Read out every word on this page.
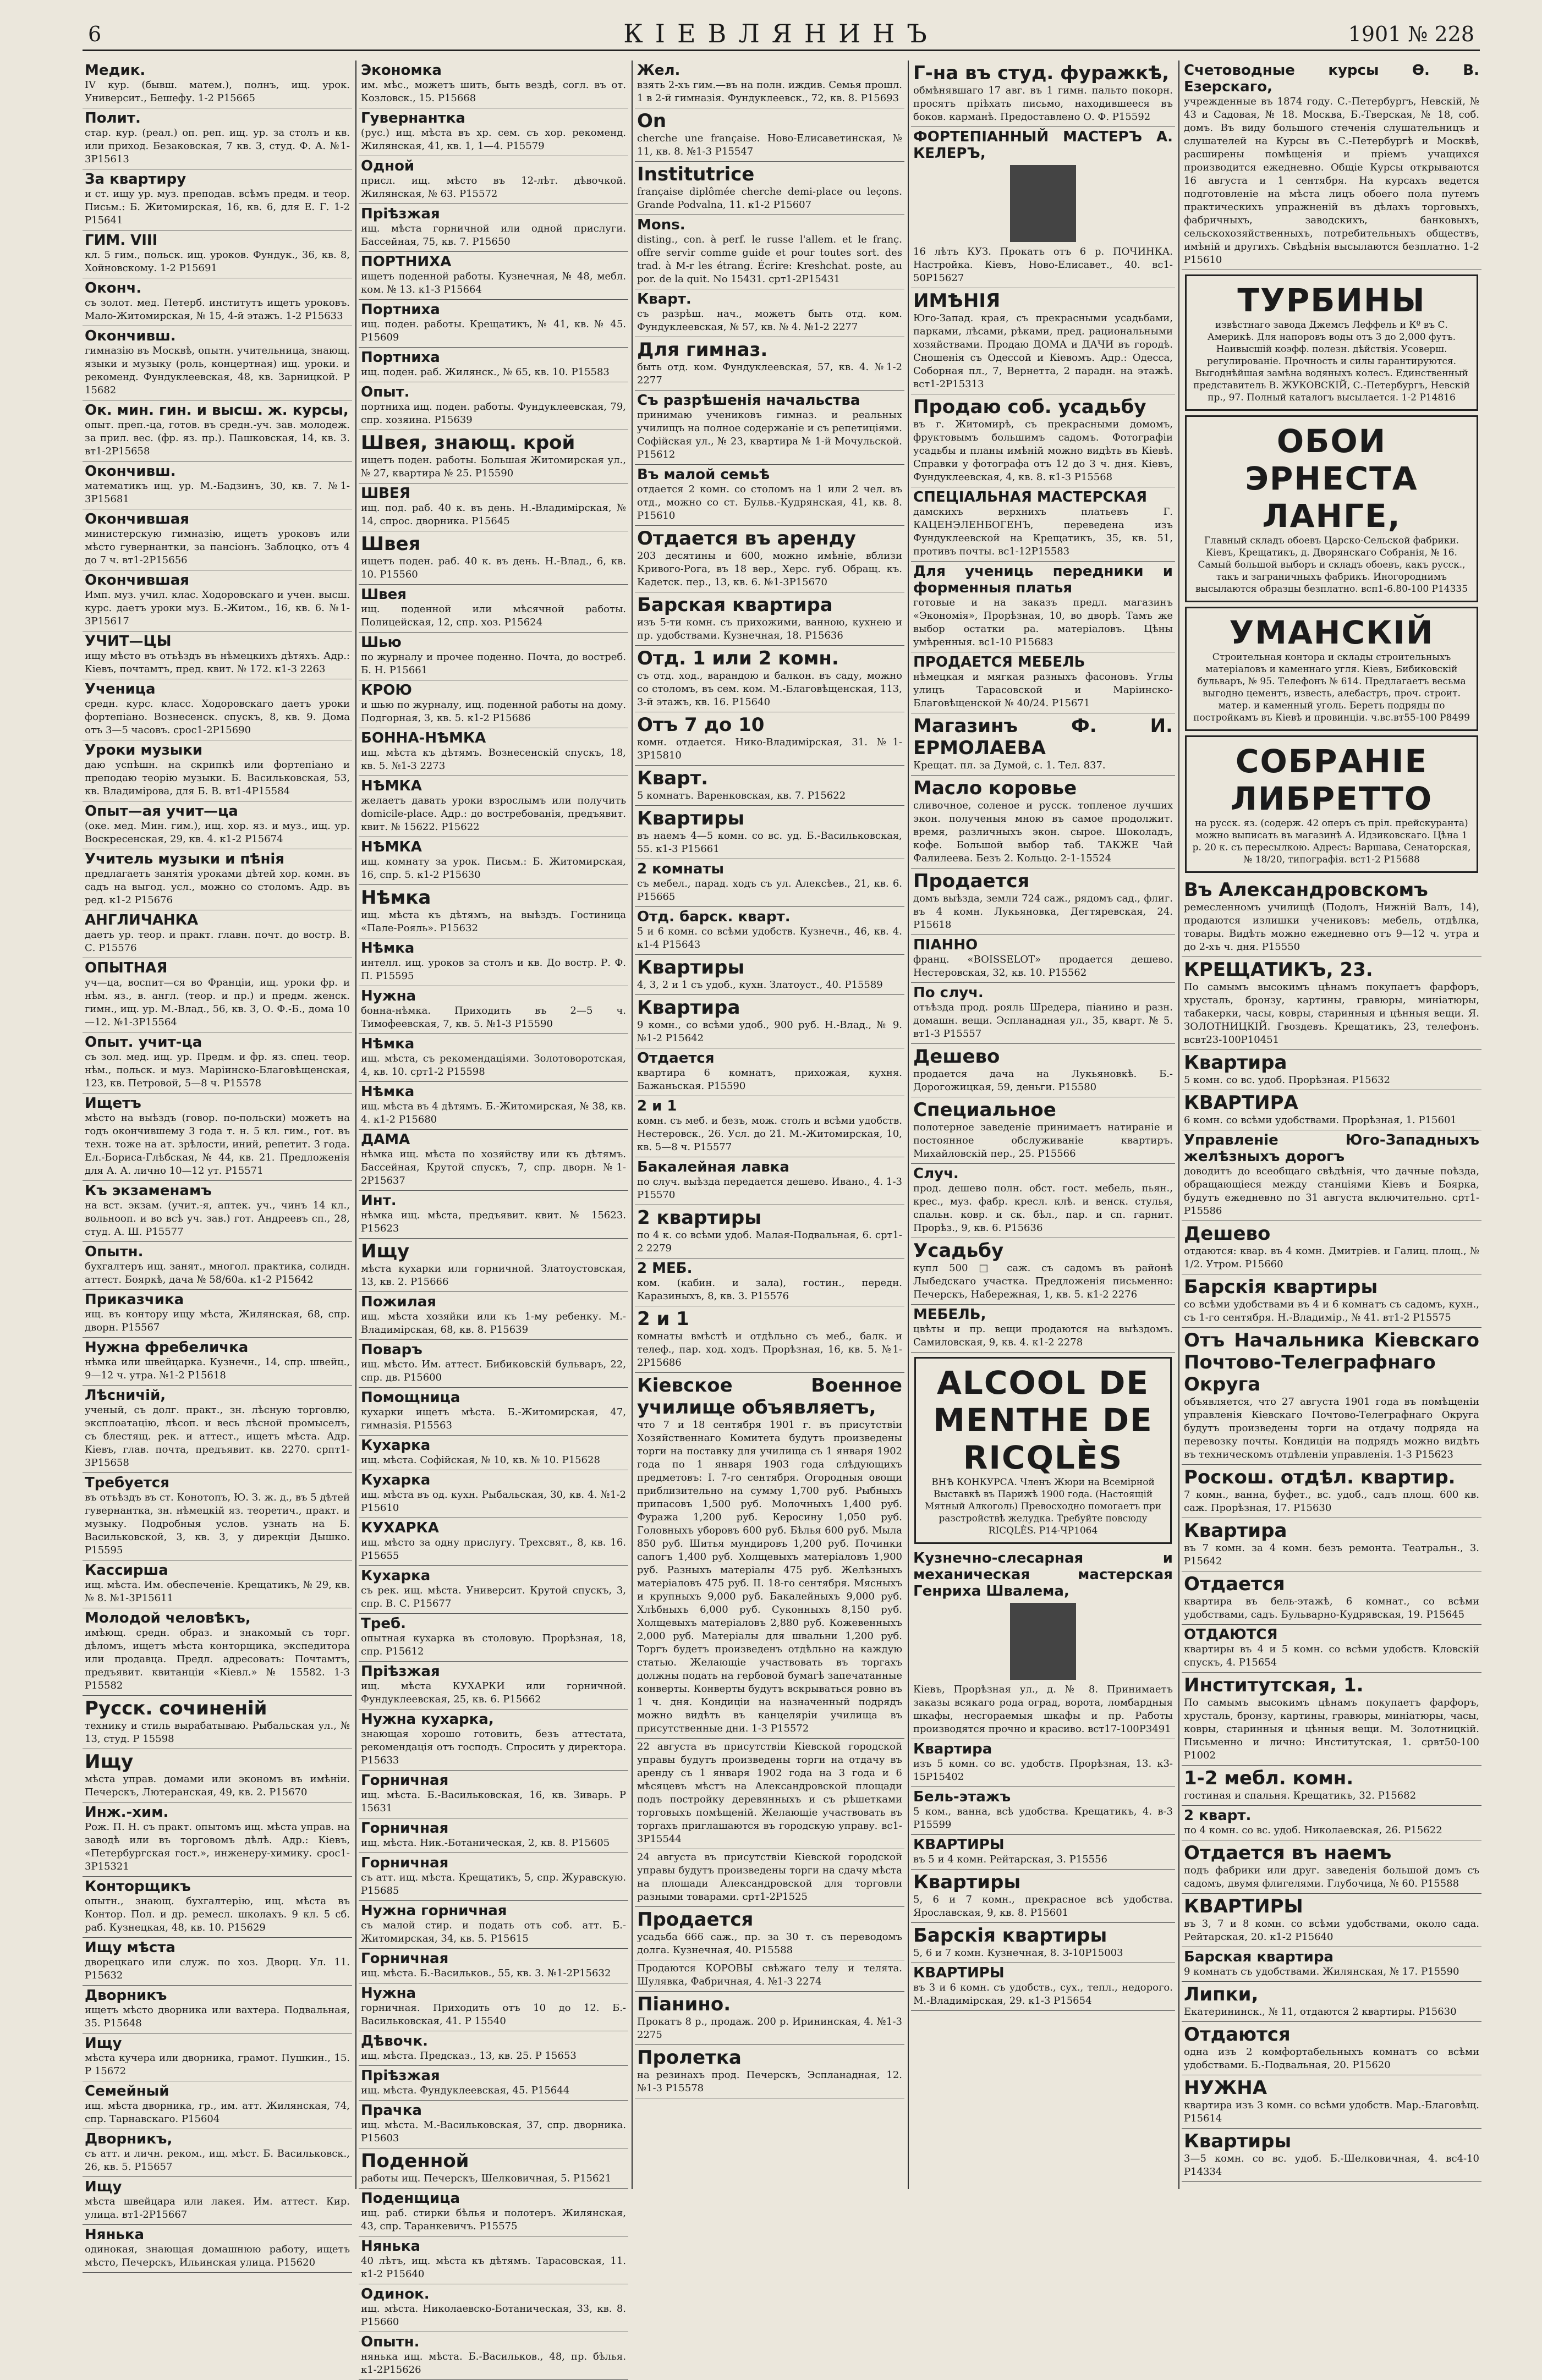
6	КІЕВЛЯНИНЪ	1901 № 228
Медик.
IV кур. (бывш. матем.), полнъ, ищ. урок. Университ., Бешефу. 1-2 Р15665
Полит.
стар. кур. (реал.) оп. реп. ищ. ур. за столъ и кв. или приход. Безаковская, 7 кв. 3, студ. Ф. А. №1-3Р15613
За квартиру
и ст. ищу ур. муз. преподав. всѣмъ предм. и теор. Письм.: Б. Житомирская, 16, кв. 6, для Е. Г. 1-2 Р15641
ГИМ. VIII
кл. 5 гим., польск. ищ. уроков. Фундук., 36, кв. 8, Хойновскому. 1-2 Р15691
Оконч.
съ золот. мед. Петерб. институтъ ищетъ уроковъ. Мало-Житомирская, № 15, 4-й этажъ. 1-2 Р15633
Окончивш.
гимназію въ Москвѣ, опытн. учительница, знающ. языки и музыку (роль, концертная) ищ. уроки. и рекоменд. Фундуклеевская, 48, кв. Зарницкой. Р 15682
Ок. мин. гин. и высш. ж. курсы,
опыт. преп.-ца, готов. въ средн.-уч. зав. молодеж. за прил. вес. (фр. яз. пр.). Пашковская, 14, кв. 3. вт1-2Р15658
Окончивш.
математикъ ищ. ур. М.-Бадзинъ, 30, кв. 7. №1-3Р15681
Окончившая
министерскую гимназію, ищетъ уроковъ или мѣсто гувернантки, за пансіонъ. Заблоцко, отъ 4 до 7 ч. вт1-2Р15656
Окончившая
Имп. муз. учил. клас. Ходоровскаго и учен. высш. курс. даетъ уроки муз. Б.-Житом., 16, кв. 6. №1-3Р15617
УЧИТ—ЦЫ
ищу мѣсто въ отъѣздъ въ нѣмецкихъ дѣтяхъ. Адр.: Кіевъ, почтамтъ, пред. квит. № 172. к1-3 2263
Ученица
средн. курс. класс. Ходоровскаго даетъ уроки фортепіано. Вознесенск. спускъ, 8, кв. 9. Дома отъ 3—5 часовъ. срос1-2Р15690
Уроки музыки
даю успѣшн. на скрипкѣ или фортепіано и преподаю теорію музыки. Б. Васильковская, 53, кв. Владимірова, для Б. В. вт1-4Р15584
Опыт—ая учит—ца
(оке. мед. Мин. гим.), ищ. хор. яз. и муз., ищ. ур. Воскресенская, 29, кв. 4. к1-2 Р15674
Учитель музыки и пѣнія
предлагаетъ занятія уроками дѣтей хор. комн. въ садъ на выгод. усл., можно со столомъ. Адр. въ ред. к1-2 Р15676
АНГЛИЧАНКА
даетъ ур. теор. и практ. главн. почт. до востр. В. С. Р15576
ОПЫТНАЯ
уч—ца, воспит—ся во Франціи, ищ. уроки фр. и нѣм. яз., в. англ. (теор. и пр.) и предм. женск. гимн., ищ. ур. М.-Влад., 56, кв. 3, О. Ф.-Б., дома 10—12. №1-3Р15564
Опыт. учит-ца
съ зол. мед. ищ. ур. Предм. и фр. яз. спец. теор. нѣм., польск. и муз. Маріинско-Благовѣщенская, 123, кв. Петровой, 5—8 ч. Р15578
Ищетъ
мѣсто на выѣздъ (говор. по-польски) можетъ на годъ окончившему 3 года т. н. 5 кл. гим., гот. въ техн. тоже на ат. зрѣлости, иний, репетит. 3 года. Ел.-Бориса-Глѣбская, № 44, кв. 21. Предложенія для А. А. лично 10—12 ут. Р15571
Къ экзаменамъ
на вст. экзам. (учит.-я, аптек. уч., чинъ 14 кл., вольнооп. и во всѣ уч. зав.) гот. Андреевъ сп., 28, студ. А. Ш. Р15577
Опытн.
бухгалтеръ ищ. занят., многол. практика, солидн. аттест. Бояркѣ, дача № 58/60а. к1-2 Р15642
Приказчика
ищ. въ контору ищу мѣста, Жилянская, 68, спр. дворн. Р15567
Нужна фребеличка
нѣмка или швейцарка. Кузнечн., 14, спр. швейц., 9—12 ч. утра. №1-2 Р15618
Лѣсничій,
ученый, съ долг. практ., зн. лѣсную торговлю, эксплоатацію, лѣсоп. и весь лѣсной промыселъ, съ блестящ. рек. и аттест., ищетъ мѣста. Адр. Кіевъ, глав. почта, предъявит. кв. 2270. српт1-3Р15658
Требуется
въ отъѣздъ въ ст. Конотопъ, Ю. З. ж. д., въ 5 дѣтей гувернантка, зн. нѣмецкій яз. теоретич., практ. и музыку. Подробныя услов. узнать на Б. Васильковской, 3, кв. 3, у дирекціи Дышко. Р15595
Кассирша
ищ. мѣста. Им. обеспеченіе. Крещатикъ, № 29, кв. № 8. №1-3Р15611
Молодой человѣкъ,
имѣющ. средн. образ. и знакомый съ торг. дѣломъ, ищетъ мѣста конторщика, экспедитора или продавца. Предл. адресовать: Почтамтъ, предъявит. квитанціи «Кіевл.» № 15582. 1-3 Р15582
Русск. сочиненій
технику и стиль вырабатываю. Рыбальская ул., № 13, студ. Р 15598
Ищу
мѣста управ. домами или экономъ въ имѣніи. Печерскъ, Лютеранская, 49, кв. 2. Р15670
Инж.-хим.
Рож. П. Н. съ практ. опытомъ ищ. мѣста управ. на заводѣ или въ торговомъ дѣлѣ. Адр.: Кіевъ, «Петербургская гост.», инженеру-химику. срос1-3Р15321
Конторщикъ
опытн., знающ. бухгалтерію, ищ. мѣста въ Контор. Пол. и др. ремесл. школахъ. 9 кл. 5 сб. раб. Кузнецкая, 48, кв. 10. Р15629
Ищу мѣста
дворецкаго или служ. по хоз. Дворц. Ул. 11. Р15632
Дворникъ
ищетъ мѣсто дворника или вахтера. Подвальная, 35. Р15648
Ищу
мѣста кучера или дворника, грамот. Пушкин., 15. Р 15672
Семейный
ищ. мѣста дворника, гр., им. атт. Жилянская, 74, спр. Тарнавскаго. Р15604
Дворникъ,
съ атт. и личн. реком., ищ. мѣст. Б. Васильковск., 26, кв. 5. Р15657
Ищу
мѣста швейцара или лакея. Им. аттест. Кир. улица. вт1-2Р15667
Нянька
одинокая, знающая домашнюю работу, ищетъ мѣсто, Печерскъ, Ильинская улица. Р15620
Экономка
им. мѣс., можетъ шить, быть вездѣ, согл. въ от. Козловск., 15. Р15668
Гувернантка
(рус.) ищ. мѣста въ хр. сем. съ хор. рекоменд. Жилянская, 41, кв. 1, 1—4. Р15579
Одной
присл. ищ. мѣсто въ 12-лѣт. дѣвочкой. Жилянская, № 63. Р15572
Прiѣзжая
ищ. мѣста горничной или одной прислуги. Бассейная, 75, кв. 7. Р15650
ПОРТНИХА
ищетъ поденной работы. Кузнечная, № 48, мебл. ком. № 13. к1-3 Р15664
Портниха
ищ. поден. работы. Крещатикъ, № 41, кв. № 45. Р15609
Портниха
ищ. поден. раб. Жилянск., № 65, кв. 10. Р15583
Опыт.
портниха ищ. поден. работы. Фундуклеевская, 79, спр. хозяина. Р15639
Швея, знающ. крой
ищетъ поден. работы. Большая Житомирская ул., № 27, квартира № 25. Р15590
ШВЕЯ
ищ. под. раб. 40 к. въ день. Н.-Владимірская, № 14, спрос. дворника. Р15645
Швея
ищетъ поден. раб. 40 к. въ день. Н.-Влад., 6, кв. 10. Р15560
Швея
ищ. поденной или мѣсячной работы. Полицейская, 12, спр. хоз. Р15624
Шью
по журналу и прочее поденно. Почта, до востреб. Б. Н. Р15661
КРОЮ
и шью по журналу, ищ. поденной работы на дому. Подгорная, 3, кв. 5. к1-2 Р15686
БОННА-НѢМКА
ищ. мѣста къ дѣтямъ. Вознесенскій спускъ, 18, кв. 5. №1-3 2273
НѢМКА
желаетъ давать уроки взрослымъ или получить domicile-place. Адр.: до востребованія, предъявит. квит. № 15622. Р15622
НѢМКА
ищ. комнату за урок. Письм.: Б. Житомирская, 16, спр. 5. к1-2 Р15630
Нѣмка
ищ. мѣста къ дѣтямъ, на выѣздъ. Гостиница «Пале-Рояль». Р15632
Нѣмка
интелл. ищ. уроков за столъ и кв. До востр. Р. Ф. П. Р15595
Нужна
бонна-нѣмка. Приходить въ 2—5 ч. Тимофеевская, 7, кв. 5. №1-3 Р15590
Нѣмка
ищ. мѣста, съ рекомендаціями. Золотоворотская, 4, кв. 10. срт1-2 Р15598
Нѣмка
ищ. мѣста въ 4 дѣтямъ. Б.-Житомирская, № 38, кв. 4. к1-2 Р15680
ДАМА
нѣмка ищ. мѣста по хозяйству или къ дѣтямъ. Бассейная, Крутой спускъ, 7, спр. дворн. №1-2Р15637
Инт.
нѣмка ищ. мѣста, предъявит. квит. № 15623. Р15623
Ищу
мѣста кухарки или горничной. Златоустовская, 13, кв. 2. Р15666
Пожилая
ищ. мѣста хозяйки или къ 1-му ребенку. М.-Владимірская, 68, кв. 8. Р15639
Поваръ
ищ. мѣсто. Им. аттест. Бибиковскій бульваръ, 22, спр. дв. Р15600
Помощница
кухарки ищетъ мѣста. Б.-Житомирская, 47, гимназія. Р15563
Кухарка
ищ. мѣста. Софійская, № 10, кв. № 10. Р15628
Кухарка
ищ. мѣста въ од. кухн. Рыбальская, 30, кв. 4. №1-2 Р15610
КУХАРКА
ищ. мѣсто за одну прислугу. Трехсвят., 8, кв. 16. Р15655
Кухарка
съ рек. ищ. мѣста. Университ. Крутой спускъ, 3, спр. В. С. Р15677
Треб.
опытная кухарка въ столовую. Прорѣзная, 18, спр. Р15612
Прiѣзжая
ищ. мѣста КУХАРКИ или горничной. Фундуклеевская, 25, кв. 6. Р15662
Нужна кухарка,
знающая хорошо готовить, безъ аттестата, рекомендація отъ господъ. Спросить у директора. Р15633
Горничная
ищ. мѣста. Б.-Васильковская, 16, кв. Зиварь. Р 15631
Горничная
ищ. мѣста. Ник.-Ботаническая, 2, кв. 8. Р15605
Горничная
съ атт. ищ. мѣста. Крещатикъ, 5, спр. Журавскую. Р15685
Нужна горничная
съ малой стир. и подать отъ соб. атт. Б.-Житомирская, 34, кв. 5. Р15615
Горничная
ищ. мѣста. Б.-Васильков., 55, кв. 3. №1-2Р15632
Нужна
горничная. Приходить отъ 10 до 12. Б.-Васильковская, 41. Р 15540
Дѣвочк.
ищ. мѣста. Предсказ., 13, кв. 25. Р 15653
Прiѣзжая
ищ. мѣста. Фундуклеевская, 45. Р15644
Прачка
ищ. мѣста. М.-Васильковская, 37, спр. дворника. Р15603
Поденной
работы ищ. Печерскъ, Шелковичная, 5. Р15621
Поденщица
ищ. раб. стирки бѣлья и полотеръ. Жилянская, 43, спр. Таранкевичъ. Р15575
Нянька
40 лѣтъ, ищ. мѣста къ дѣтямъ. Тарасовская, 11. к1-2 Р15640
Одинок.
ищ. мѣста. Николаевско-Ботаническая, 33, кв. 8. Р15660
Опытн.
нянька ищ. мѣста. Б.-Васильков., 48, пр. бѣлья. к1-2Р15626
Жел.
взять 2-хъ гим.—въ на полн. иждив. Семья прошл. 1 в 2-й гимназія. Фундуклеевск., 72, кв. 8. Р15693
On
cherche une française. Ново-Елисаветинская, № 11, кв. 8. №1-3 Р15547
Institutrice
française diplômée cherche demi-place ou leçons. Grande Podvalna, 11. к1-2 Р15607
Mons.
disting., con. à perf. le russe l'allem. et le franç. offre servir comme guide et pour toutes sort. des trad. à M-r les étrang. Écrire: Kreshchat. poste, au por. de la quit. No 15431. срт1-2Р15431
Кварт.
съ разрѣш. нач., можетъ быть отд. ком. Фундуклеевская, № 57, кв. № 4. №1-2 2277
Для гимназ.
быть отд. ком. Фундуклеевская, 57, кв. 4. №1-2 2277
Съ разрѣшенія начальства
принимаю учениковъ гимназ. и реальных училищъ на полное содержаніе и съ репетиціями. Софійская ул., № 23, квартира № 1-й Мочульской. Р15612
Въ малой семьѣ
отдается 2 комн. со столомъ на 1 или 2 чел. въ отд., можно со ст. Бульв.-Кудрянская, 41, кв. 8. Р15610
Отдается въ аренду
203 десятины и 600, можно имѣніе, вблизи Кривого-Рога, въ 18 вер., Херс. губ. Обращ. къ. Кадетск. пер., 13, кв. 6. №1-3Р15670
Барская квартира
изъ 5-ти комн. съ прихожими, ванною, кухнею и пр. удобствами. Кузнечная, 18. Р15636
Отд. 1 или 2 комн.
съ отд. ход., варандою и балкон. въ саду, можно со столомъ, въ сем. ком. М.-Благовѣщенская, 113, 3-й этажъ, кв. 16. Р15640
Отъ 7 до 10
комн. отдается. Нико-Владимірская, 31. №1-3Р15810
Кварт.
5 комнатъ. Варенковская, кв. 7. Р15622
Квартиры
въ наемъ 4—5 комн. со вс. уд. Б.-Васильковская, 55. к1-3 Р15661
2 комнаты
съ мебел., парад. ходъ съ ул. Алексѣев., 21, кв. 6. Р15665
Отд. барск. кварт.
5 и 6 комн. со всѣми удобств. Кузнечн., 46, кв. 4. к1-4 Р15643
Квартиры
4, 3, 2 и 1 съ удоб., кухн. Златоуст., 40. Р15589
Квартира
9 комн., со всѣми удоб., 900 руб. Н.-Влад., № 9. №1-2 Р15642
Отдается
квартира 6 комнатъ, прихожая, кухня. Бажаньская. Р15590
2 и 1
комн. съ меб. и безъ, мож. столъ и всѣми удобств. Нестеровск., 26. Усл. до 21. М.-Житомирская, 10, кв. 5—8 ч. Р15577
Бакалейная лавка
по случ. выѣзда передается дешево. Ивано., 4. 1-3 Р15570
2 квартиры
по 4 к. со всѣми удоб. Малая-Подвальная, 6. срт1-2 2279
2 МЕБ.
ком. (кабин. и зала), гостин., передн. Каразиныхъ, 8, кв. 3. Р15576
2 и 1
комнаты вмѣстѣ и отдѣльно съ меб., балк. и телеф., пар. ход. ходъ. Прорѣзная, 16, кв. 5. №1-2Р15686
Кіевское Военное училище объявляетъ,
что 7 и 18 сентября 1901 г. въ присутствіи Хозяйственнаго Комитета будутъ произведены торги на поставку для училища съ 1 января 1902 года по 1 января 1903 года слѣдующихъ предметовъ: I. 7-го сентября. Огородныя овощи приблизительно на сумму 1,700 руб. Рыбныхъ припасовъ 1,500 руб. Молочныхъ 1,400 руб. Фуража 1,200 руб. Керосину 1,050 руб. Головныхъ уборовъ 600 руб. Бѣлья 600 руб. Мыла 850 руб. Шитья мундировъ 1,200 руб. Починки сапогъ 1,400 руб. Холщевыхъ матеріаловъ 1,900 руб. Разныхъ матеріалы 475 руб. Желѣзныхъ матеріаловъ 475 руб. II. 18-го сентября. Мясныхъ и крупныхъ 9,000 руб. Бакалейныхъ 9,000 руб. Хлѣбныхъ 6,000 руб. Суконныхъ 8,150 руб. Холщевыхъ матеріаловъ 2,880 руб. Кожевенныхъ 2,000 руб. Матеріалы для швальни 1,200 руб. Торгъ будетъ произведенъ отдѣльно на каждую статью. Желающіе участвовать въ торгахъ должны подать на гербовой бумагѣ запечатанные конверты. Конверты будутъ вскрываться ровно въ 1 ч. дня. Кондиціи на назначенный подрядъ можно видѣть въ канцеляріи училища въ присутственные дни. 1-3 Р15572
22 августа въ присутствіи Кіевской городской управы будутъ произведены торги на отдачу въ аренду съ 1 января 1902 года на 3 года и 6 мѣсяцевъ мѣстъ на Александровской площади подъ постройку деревянныхъ и съ рѣшетками торговыхъ помѣщеній. Желающіе участвовать въ торгахъ приглашаются въ городскую управу. вс1-3Р15544
24 августа въ присутствіи Кіевской городской управы будутъ произведены торги на сдачу мѣста на площади Александровской для торговли разными товарами. срт1-2Р1525
Продается
усадьба 666 саж., пр. за 30 т. съ переводомъ долга. Кузнечная, 40. Р15588
Продаются КОРОВЫ свѣжаго телу и телята. Шулявка, Фабричная, 4. №1-3 2274
Піанино.
Прокатъ 8 р., продаж. 200 р. Ирининская, 4. №1-3 2275
Пролетка
на резинахъ прод. Печерскъ, Эспланадная, 12. №1-3 Р15578
Г-на въ студ. фуражкѣ,
обмѣнявшаго 17 авг. въ 1 гимн. пальто покорн. просятъ пріѣхать письмо, находившееся въ боков. карманѣ. Предоставлено О. Ф. Р15592
ФОРТЕПІАННЫЙ МАСТЕРЪ А. КЕЛЕРЪ,
16 лѣтъ КУЗ. Прокатъ отъ 6 р. ПОЧИНКА. Настройка. Кіевъ, Ново-Елисавет., 40. вс1-50Р15627
ИМѢНІЯ
Юго-Запад. края, съ прекрасными усадьбами, парками, лѣсами, рѣками, пред. рациональными хозяйствами. Продаю ДОМА и ДАЧИ въ городѣ. Сношенія съ Одессой и Кіевомъ. Адр.: Одесса, Соборная пл., 7, Вернетта, 2 парадн. на этажѣ. вст1-2Р15313
Продаю соб. усадьбу
въ г. Житомирѣ, съ прекрасными домомъ, фруктовымъ большимъ садомъ. Фотографіи усадьбы и планы имѣній можно видѣть въ Кіевѣ. Справки у фотографа отъ 12 до 3 ч. дня. Кіевъ, Фундуклеевская, 4, кв. 8. к1-3 Р15568
СПЕЦІАЛЬНАЯ МАСТЕРСКАЯ
дамскихъ верхнихъ платьевъ Г. КАЦЕНЭЛЕНБОГЕНЪ, переведена изъ Фундуклеевской на Крещатикъ, 35, кв. 51, противъ почты. вс1-12Р15583
Для учениць передники и форменныя платья
готовые и на заказъ предл. магазинъ «Экономія», Прорѣзная, 10, во дворѣ. Тамъ же выбор остатки ра. матеріаловъ. Цѣны умѣренныя. вс1-10 Р15683
ПРОДАЕТСЯ МЕБЕЛЬ
нѣмецкая и мягкая разныхъ фасоновъ. Углы улицъ Тарасовской и Маріинско-Благовѣщенской № 40/24. Р15671
Магазинъ Ф. И. ЕРМОЛАЕВА
Крещат. пл. за Думой, с. 1. Тел. 837.
Масло коровье
сливочное, соленое и русск. топленое лучших экон. полученыя мною въ самое продолжит. время, различныхъ экон. сырое. Шоколадъ, кофе. Большой выбор таб. ТАКЖЕ Чай Фалилеева. Безъ 2. Кольцо. 2-1-15524
Продается
домъ выѣзда, земли 724 саж., рядомъ сад., флиг. въ 4 комн. Лукьяновка, Дегтяревская, 24. Р15618
ПІАННО
франц. «BOISSELOT» продается дешево. Нестеровская, 32, кв. 10. Р15562
По случ.
отъѣзда прод. рояль Шредера, піанино и разн. домашн. вещи. Эспланадная ул., 35, кварт. № 5. вт1-3 Р15557
Дешево
продается дача на Лукьяновкѣ. Б.-Дорогожицкая, 59, деньги. Р15580
Специальное
полотерное заведеніе принимаетъ натираніе и постоянное обслуживаніе квартиръ. Михайловскій пер., 25. Р15566
Случ.
прод. дешево полн. обст. гост. мебель, пьян., крес., муз. фабр. кресл. клѣ. и венск. стулья, спальн. ковр. и ск. бѣл., пар. и сп. гарнит. Прорѣз., 9, кв. 6. Р15636
Усадьбу
купл 500 □ саж. съ садомъ въ районѣ Лыбедскаго участка. Предложенія письменно: Печерскъ, Набережная, 1, кв. 5. к1-2 2276
МЕБЕЛЬ,
цвѣты и пр. вещи продаются на выѣздомъ. Самиловская, 9, кв. 4. к1-2 2278
ALCOOL DE MENTHE DE RICQLÈS
ВНѢ КОНКУРСА. Членъ Жюри на Всемірной Выставкѣ въ Парижѣ 1900 года. (Настоящій Мятный Алкоголь) Превосходно помогаетъ при разстройствѣ желудка. Требуйте повсюду RICQLÈS. Р14-ЧР1064
Кузнечно-слесарная и механическая мастерская Генриха Швалема,
Кіевъ, Прорѣзная ул., д. № 8. Принимаетъ заказы всякаго рода оград, ворота, ломбардныя шкафы, несгораемыя шкафы и пр. Работы производятся прочно и красиво. вст17-100Р3491
Квартира
изъ 5 комн. со вс. удобств. Прорѣзная, 13. к3-15Р15402
Бель-этажъ
5 ком., ванна, всѣ удобства. Крещатикъ, 4. в-3 Р15599
КВАРТИРЫ
въ 5 и 4 комн. Рейтарская, 3. Р15556
Квартиры
5, 6 и 7 комн., прекрасное всѣ удобства. Ярославская, 9, кв. 8. Р15601
Барскія квартиры
5, 6 и 7 комн. Кузнечная, 8. 3-10Р15003
КВАРТИРЫ
въ 3 и 6 комн. съ удобств., сух., тепл., недорого. М.-Владимірская, 29. к1-3 Р15654
Счетоводные курсы Ѳ. В. Езерскаго,
учрежденные въ 1874 году. С.-Петербургъ, Невскій, № 43 и Садовая, № 18. Москва, Б.-Тверская, № 18, соб. домъ. Въ виду большого стеченія слушательницъ и слушателей на Курсы въ С.-Петербургѣ и Москвѣ, расширены помѣщенія и пріемъ учащихся производится ежедневно. Общіе Курсы открываются 16 августа и 1 сентября. На курсахъ ведется подготовленіе на мѣста лицъ обоего пола путемъ практическихъ упражненій въ дѣлахъ торговыхъ, фабричныхъ, заводскихъ, банковыхъ, сельскохозяйственныхъ, потребительныхъ обществъ, имѣній и другихъ. Свѣдѣнія высылаются безплатно. 1-2 Р15610
ТУРБИНЫ
извѣстнаго завода Джемсъ Леффель и Кº въ С. Америкѣ. Для напоровъ воды отъ 3 до 2,000 футъ. Наивысшій коэфф. полезн. дѣйствія. Усоверш. регулированіе. Прочность и силы гарантируются. Выгоднѣйшая замѣна водяныхъ колесъ. Единственный представитель В. ЖУКОВСКІЙ, С.-Петербургъ, Невскій пр., 97. Полный каталогъ высылается. 1-2 Р14816
ОБОИ ЭРНЕСТА ЛАНГЕ,
Главный складъ обоевъ Царско-Сельской фабрики. Кіевъ, Крещатикъ, д. Дворянскаго Собранія, № 16. Самый большой выборъ и складъ обоевъ, какъ русск., такъ и заграничныхъ фабрикъ. Иногороднимъ высылаются образцы безплатно. всп1-6.80-100 Р14335
УМАНСКІЙ
Строительная контора и склады строительныхъ матеріаловъ и каменнаго угля. Кіевъ, Бибиковскій бульваръ, № 95. Телефонъ № 614. Предлагаетъ весьма выгодно цементъ, известь, алебастръ, проч. строит. матер. и каменный уголь. Беретъ подряды по постройкамъ въ Кіевѣ и провинціи. ч.вс.вт55-100 Р8499
СОБРАНІЕ ЛИБРЕТТО
на русск. яз. (содерж. 42 оперъ съ пріл. прейскуранта) можно выписать въ магазинѣ А. Идзиковскаго. Цѣна 1 р. 20 к. съ пересылкою. Адресъ: Варшава, Сенаторская, № 18/20, типографія. вст1-2 Р15688
Въ Александровскомъ
ремесленномъ училищѣ (Подолъ, Нижній Валъ, 14), продаются излишки учениковъ: мебель, отдѣлка, товары. Видѣть можно ежедневно отъ 9—12 ч. утра и до 2-хъ ч. дня. Р15550
КРЕЩАТИКЪ, 23.
По самымъ высокимъ цѣнамъ покупаетъ фарфоръ, хрусталь, бронзу, картины, гравюры, миніатюры, табакерки, часы, ковры, старинныя и цѣнныя вещи. Я. ЗОЛОТНИЦКІЙ. Гвоздевъ. Крещатикъ, 23, телефонъ. всвт23-100Р10451
Квартира
5 комн. со вс. удоб. Прорѣзная. Р15632
КВАРТИРА
6 комн. со всѣми удобствами. Прорѣзная, 1. Р15601
Управленіе Юго-Западныхъ желѣзныхъ дорогъ
доводитъ до всеобщаго свѣдѣнія, что дачные поѣзда, обращающіеся между станціями Кіевъ и Боярка, будутъ ежедневно по 31 августа включительно. срт1-Р15586
Дешево
отдаются: квар. въ 4 комн. Дмитріев. и Галиц. площ., № 1/2. Утром. Р15660
Барскія квартиры
со всѣми удобствами въ 4 и 6 комнатъ съ садомъ, кухн., съ 1-го сентября. Н.-Владимір., № 41. вт1-2 Р15575
Отъ Начальника Кіевскаго Почтово-Телеграфнаго Округа
объявляется, что 27 августа 1901 года въ помѣщеніи управленія Кіевскаго Почтово-Телеграфнаго Округа будутъ произведены торги на отдачу подряда на перевозку почты. Кондиціи на подрядъ можно видѣть въ техническомъ отдѣленіи управленія. 1-3 Р15623
Роскош. отдѣл. квартир.
7 комн., ванна, буфет., вс. удоб., садъ площ. 600 кв. саж. Прорѣзная, 17. Р15630
Квартира
въ 7 комн. за 4 комн. безъ ремонта. Театральн., 3. Р15642
Отдается
квартира въ бель-этажѣ, 6 комнат., со всѣми удобствами, садъ. Бульварно-Кудрявская, 19. Р15645
ОТДАЮТСЯ
квартиры въ 4 и 5 комн. со всѣми удобств. Кловскій спускъ, 4. Р15654
Институтская, 1.
По самымъ высокимъ цѣнамъ покупаетъ фарфоръ, хрусталь, бронзу, картины, гравюры, миніатюры, часы, ковры, старинныя и цѣнныя вещи. М. Золотницкій. Письменно и лично: Институтская, 1. срвт50-100 Р1002
1-2 мебл. комн.
гостиная и спальня. Крещатикъ, 32. Р15682
2 кварт.
по 4 комн. со вс. удоб. Николаевская, 26. Р15622
Отдается въ наемъ
подъ фабрики или друг. заведенія большой домъ съ садомъ, двумя флигелями. Глубочица, № 60. Р15588
КВАРТИРЫ
въ 3, 7 и 8 комн. со всѣми удобствами, около сада. Рейтарская, 20. к1-2 Р15640
Барская квартира
9 комнатъ съ удобствами. Жилянская, № 17. Р15590
Липки,
Екатерининск., № 11, отдаются 2 квартиры. Р15630
Отдаются
одна изъ 2 комфортабельныхъ комнатъ со всѣми удобствами. Б.-Подвальная, 20. Р15620
НУЖНА
квартира изъ 3 комн. со всѣми удобств. Мар.-Благовѣщ. Р15614
Квартиры
3—5 комн. со вс. удоб. Б.-Шелковичная, 4. вс4-10 Р14334
